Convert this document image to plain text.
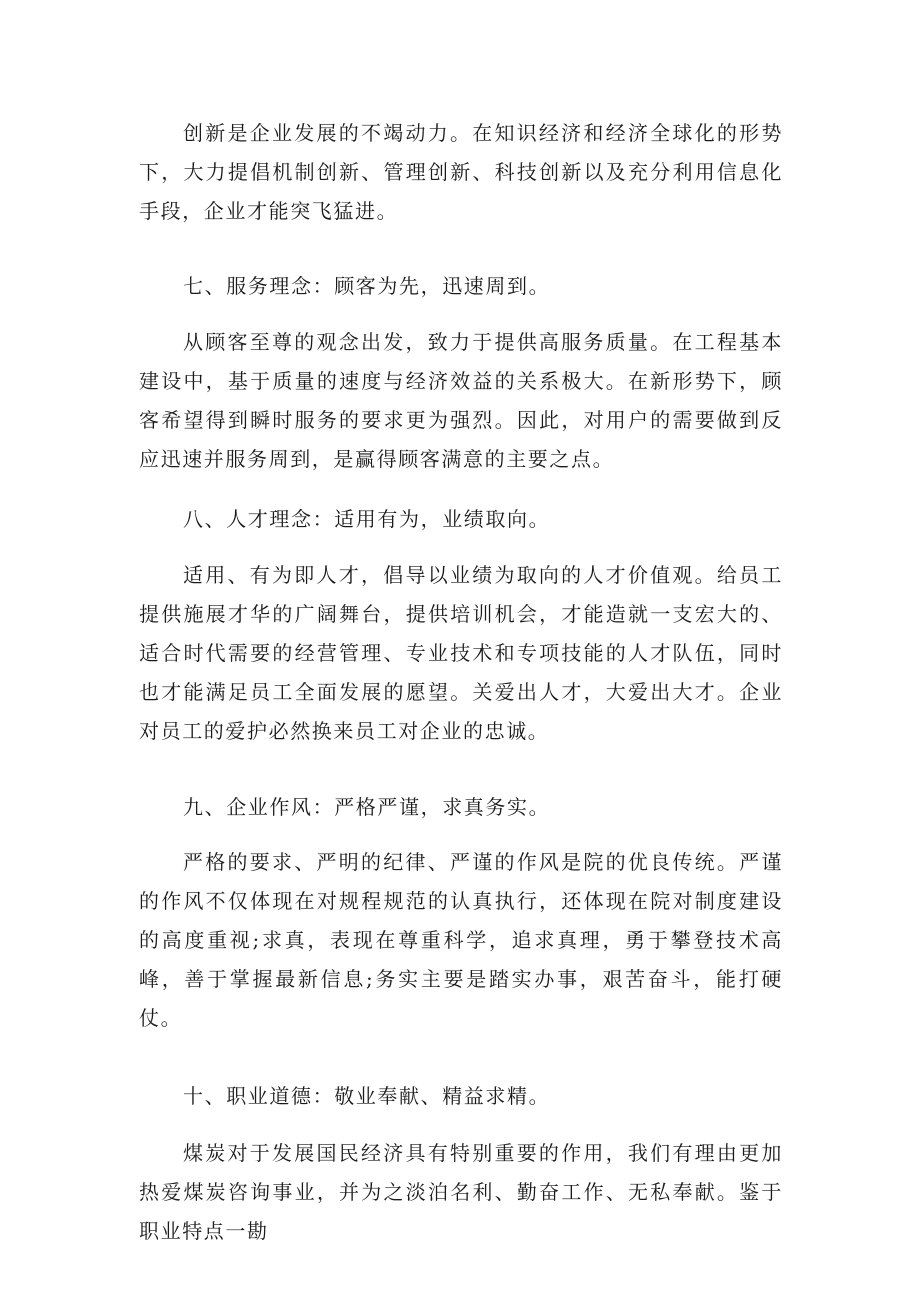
创新是企业发展的不竭动力。在知识经济和经济全球化的形势下，大力提倡机制创新、管理创新、科技创新以及充分利用信息化手段，企业才能突飞猛进。

七、服务理念：顾客为先，迅速周到。

从顾客至尊的观念出发，致力于提供高服务质量。在工程基本建设中，基于质量的速度与经济效益的关系极大。在新形势下，顾客希望得到瞬时服务的要求更为强烈。因此，对用户的需要做到反应迅速并服务周到，是赢得顾客满意的主要之点。

八、人才理念：适用有为，业绩取向。

适用、有为即人才，倡导以业绩为取向的人才价值观。给员工提供施展才华的广阔舞台，提供培训机会，才能造就一支宏大的、适合时代需要的经营管理、专业技术和专项技能的人才队伍，同时也才能满足员工全面发展的愿望。关爱出人才，大爱出大才。企业对员工的爱护必然换来员工对企业的忠诚。

九、企业作风：严格严谨，求真务实。

严格的要求、严明的纪律、严谨的作风是院的优良传统。严谨的作风不仅体现在对规程规范的认真执行，还体现在院对制度建设的高度重视;求真，表现在尊重科学，追求真理，勇于攀登技术高峰，善于掌握最新信息;务实主要是踏实办事，艰苦奋斗，能打硬仗。

十、职业道德：敬业奉献、精益求精。

煤炭对于发展国民经济具有特别重要的作用，我们有理由更加热爱煤炭咨询事业，并为之淡泊名利、勤奋工作、无私奉献。鉴于职业特点一勘
